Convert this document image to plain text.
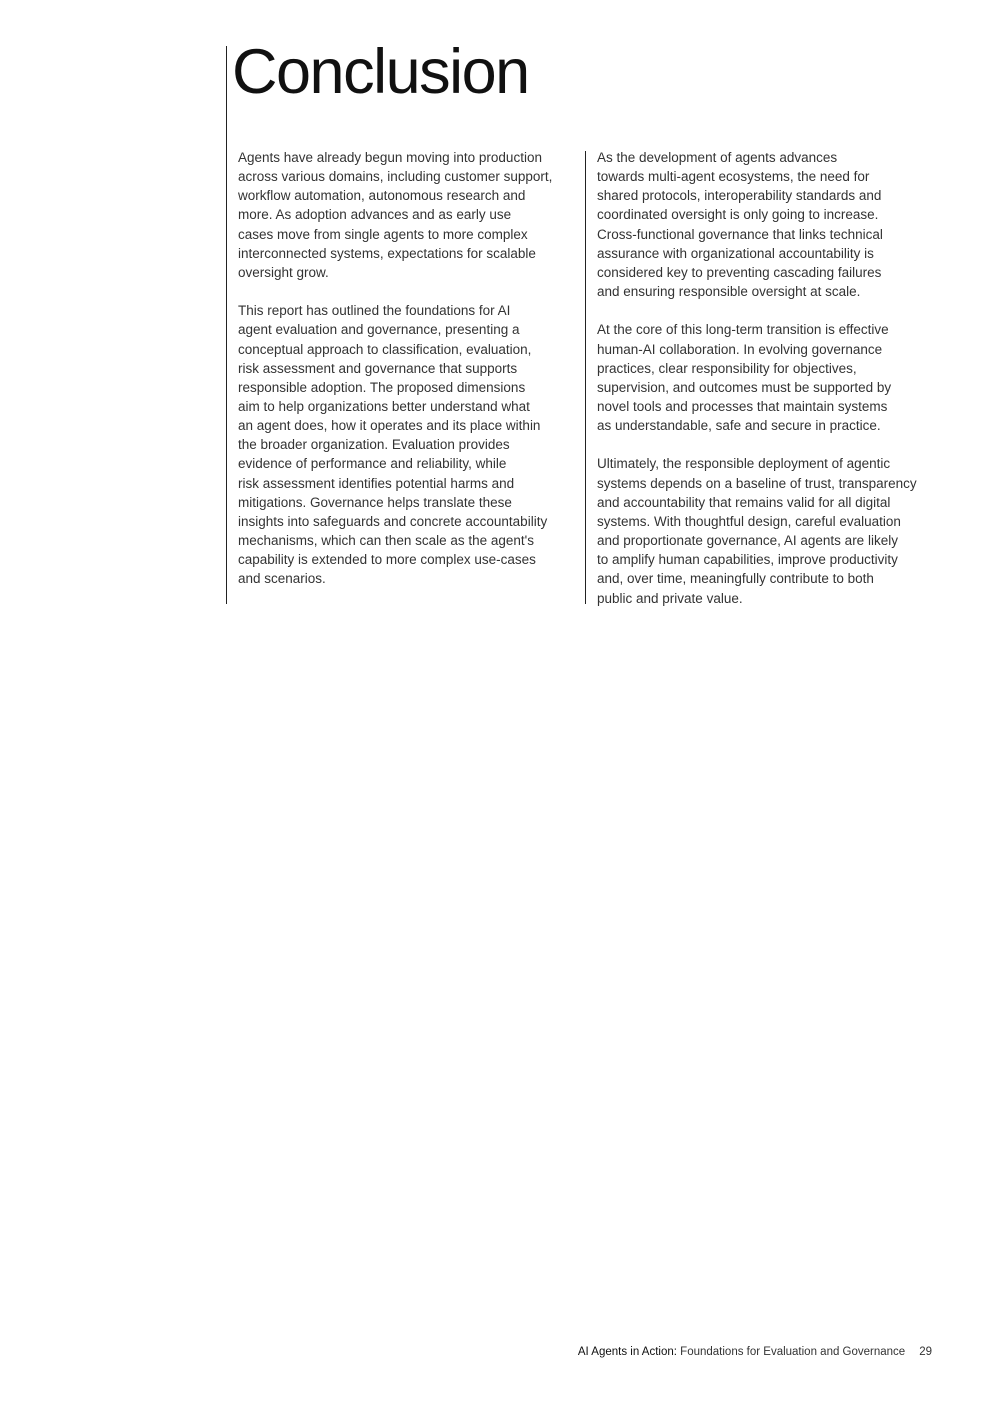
Conclusion

Agents have already begun moving into production
across various domains, including customer support,
workflow automation, autonomous research and
more. As adoption advances and as early use
cases move from single agents to more complex
interconnected systems, expectations for scalable
oversight grow.

This report has outlined the foundations for AI
agent evaluation and governance, presenting a
conceptual approach to classification, evaluation,
risk assessment and governance that supports
responsible adoption. The proposed dimensions
aim to help organizations better understand what
an agent does, how it operates and its place within
the broader organization. Evaluation provides
evidence of performance and reliability, while
risk assessment identifies potential harms and
mitigations. Governance helps translate these
insights into safeguards and concrete accountability
mechanisms, which can then scale as the agent's
capability is extended to more complex use-cases
and scenarios.

As the development of agents advances
towards multi-agent ecosystems, the need for
shared protocols, interoperability standards and
coordinated oversight is only going to increase.
Cross-functional governance that links technical
assurance with organizational accountability is
considered key to preventing cascading failures
and ensuring responsible oversight at scale.

At the core of this long-term transition is effective
human-AI collaboration. In evolving governance
practices, clear responsibility for objectives,
supervision, and outcomes must be supported by
novel tools and processes that maintain systems
as understandable, safe and secure in practice.

Ultimately, the responsible deployment of agentic
systems depends on a baseline of trust, transparency
and accountability that remains valid for all digital
systems. With thoughtful design, careful evaluation
and proportionate governance, AI agents are likely
to amplify human capabilities, improve productivity
and, over time, meaningfully contribute to both
public and private value.

AI Agents in Action: Foundations for Evaluation and Governance 29
